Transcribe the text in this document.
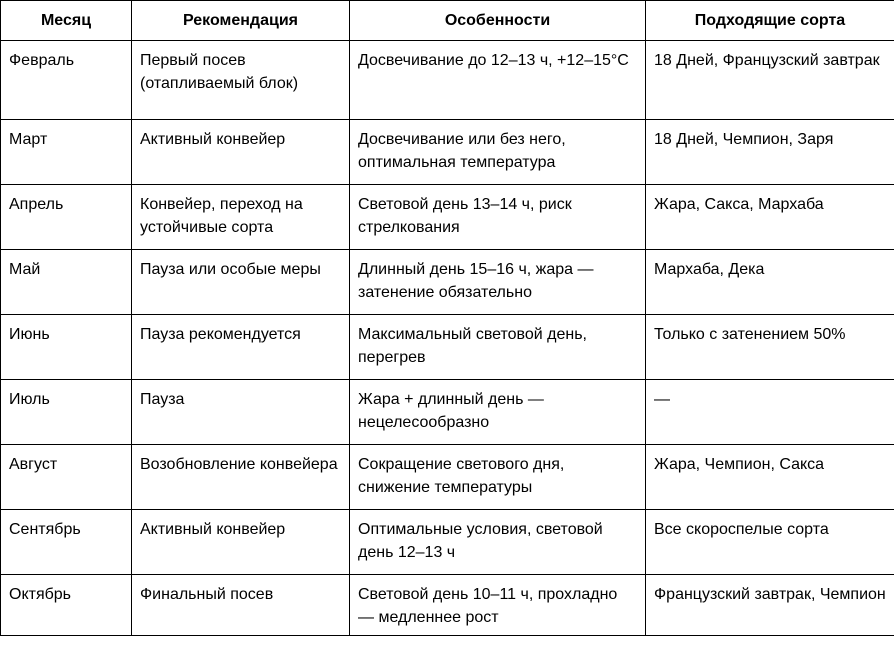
Месяц	Рекомендация	Особенности	Подходящие сорта
Февраль	Первый посев (отапливаемый блок)	Досвечивание до 12–13 ч, +12–15°C	18 Дней, Французский завтрак
Март	Активный конвейер	Досвечивание или без него, оптимальная температура	18 Дней, Чемпион, Заря
Апрель	Конвейер, переход на устойчивые сорта	Световой день 13–14 ч, риск стрелкования	Жара, Сакса, Мархаба
Май	Пауза или особые меры	Длинный день 15–16 ч, жара — затенение обязательно	Мархаба, Дека
Июнь	Пауза рекомендуется	Максимальный световой день, перегрев	Только с затенением 50%
Июль	Пауза	Жара + длинный день — нецелесообразно	—
Август	Возобновление конвейера	Сокращение светового дня, снижение температуры	Жара, Чемпион, Сакса
Сентябрь	Активный конвейер	Оптимальные условия, световой день 12–13 ч	Все скороспелые сорта
Октябрь	Финальный посев	Световой день 10–11 ч, прохладно — медленнее рост	Французский завтрак, Чемпион
